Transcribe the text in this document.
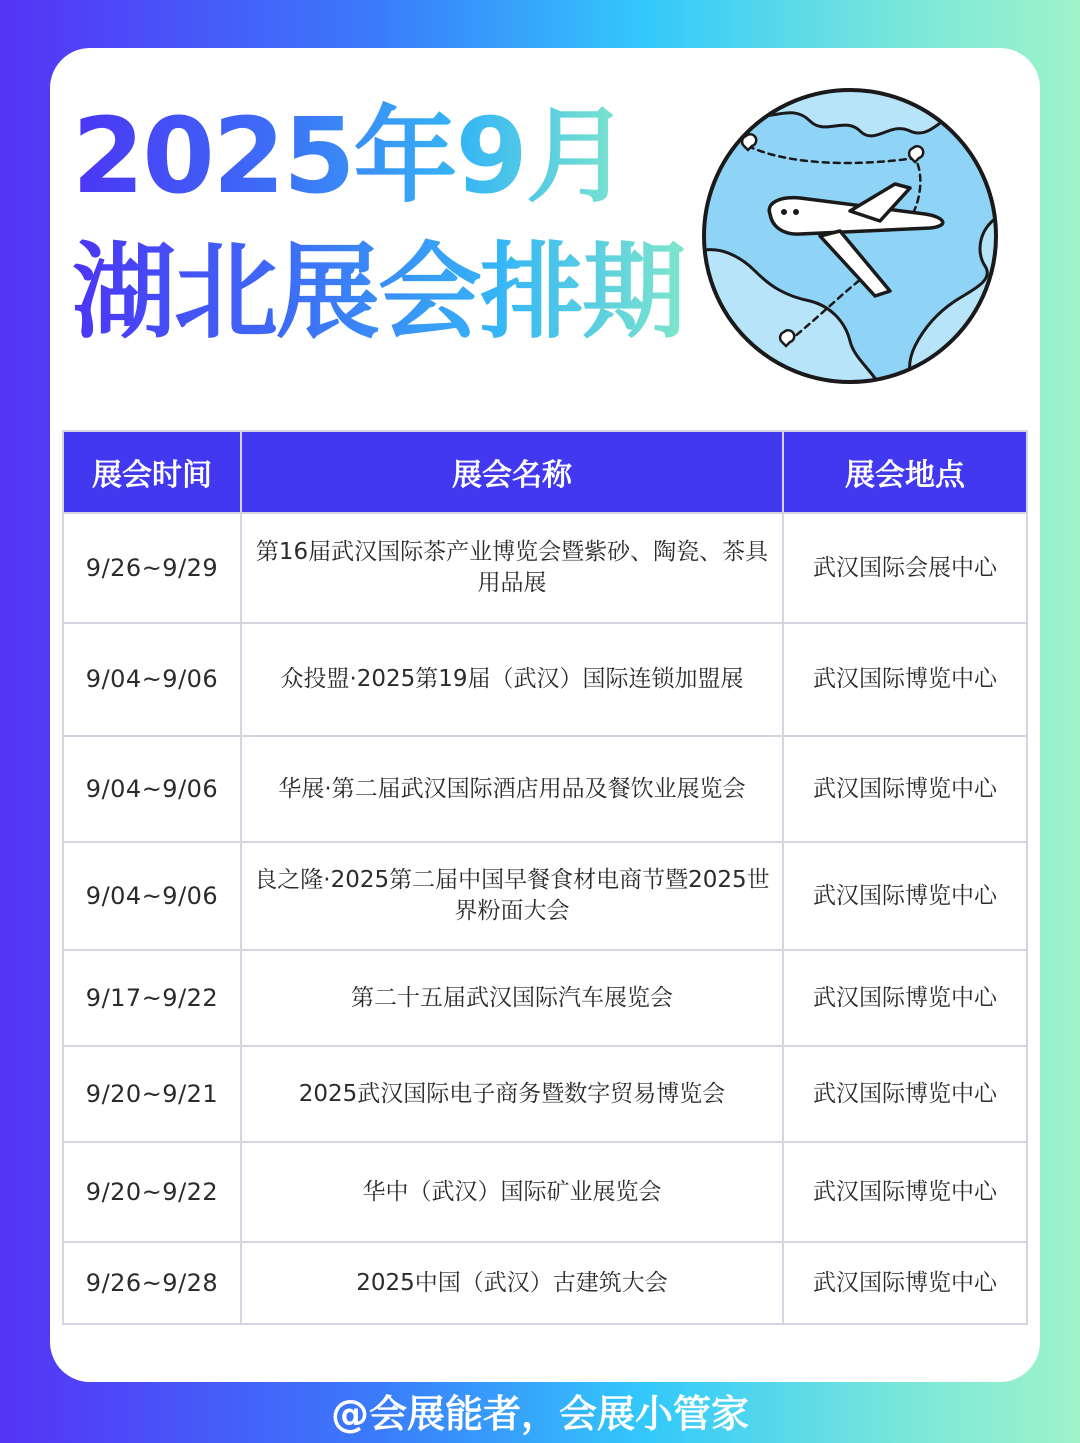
2025年9月
湖北展会排期
展会时间	展会名称	展会地点
9/26~9/29	第16届武汉国际茶产业博览会暨紫砂、陶瓷、茶具用品展	武汉国际会展中心
9/04~9/06	众投盟·2025第19届（武汉）国际连锁加盟展	武汉国际博览中心
9/04~9/06	华展·第二届武汉国际酒店用品及餐饮业展览会	武汉国际博览中心
9/04~9/06	良之隆·2025第二届中国早餐食材电商节暨2025世界粉面大会	武汉国际博览中心
9/17~9/22	第二十五届武汉国际汽车展览会	武汉国际博览中心
9/20~9/21	2025武汉国际电子商务暨数字贸易博览会	武汉国际博览中心
9/20~9/22	华中（武汉）国际矿业展览会	武汉国际博览中心
9/26~9/28	2025中国（武汉）古建筑大会	武汉国际博览中心
@会展能者，会展小管家
